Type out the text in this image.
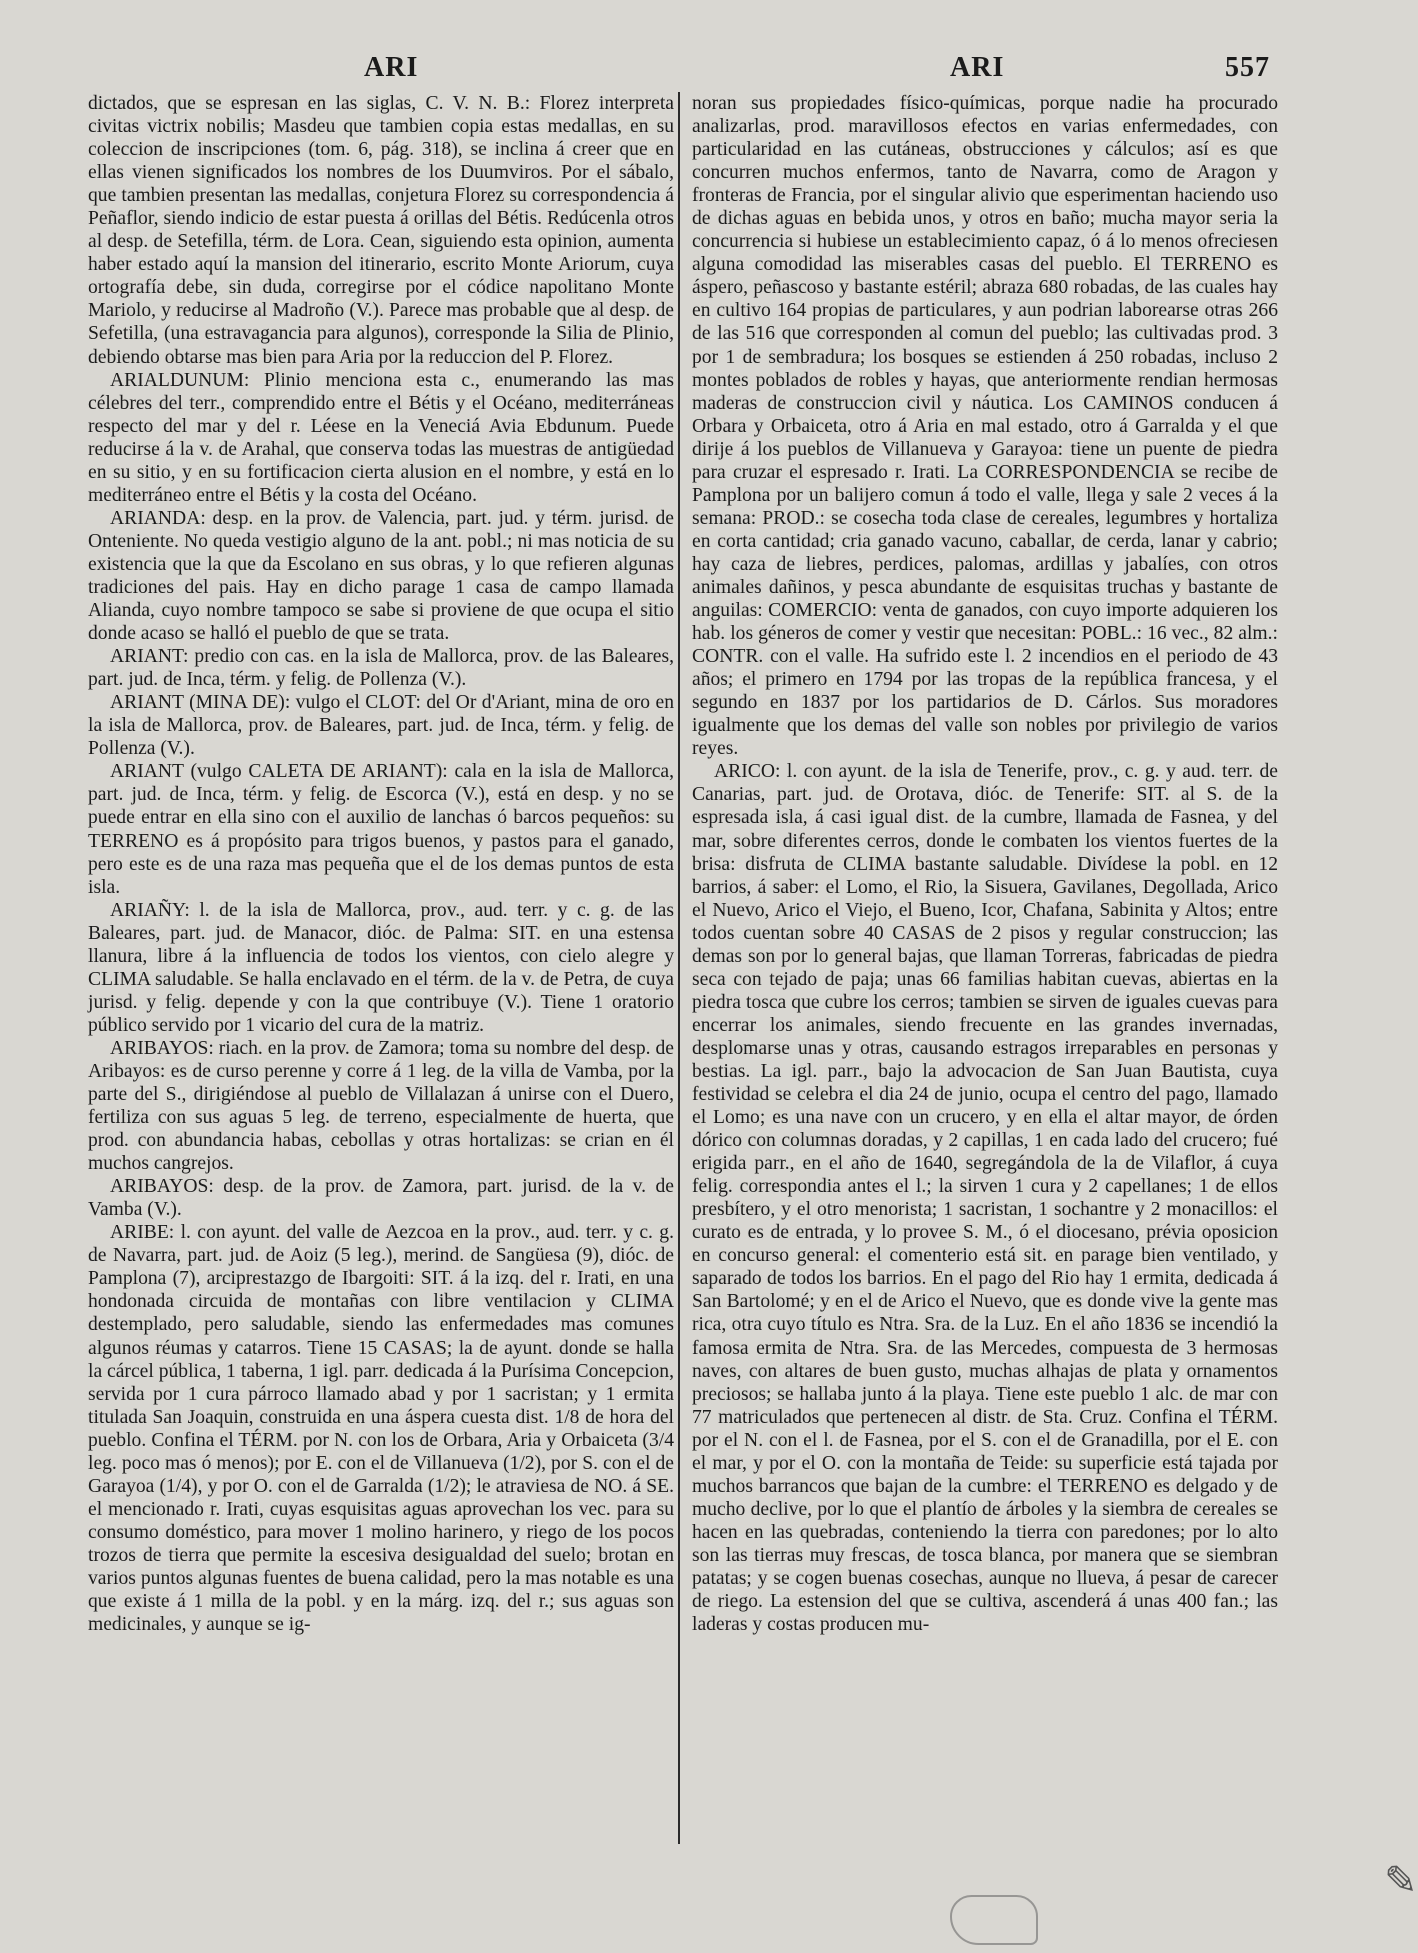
ARI	ARI	557

dictados, que se espresan en las siglas, C. V. N. B.: Florez interpreta civitas victrix nobilis; Masdeu que tambien copia estas medallas, en su coleccion de inscripciones (tom. 6, pág. 318), se inclina á creer que en ellas vienen significados los nombres de los Duumviros. Por el sábalo, que tambien presentan las medallas, conjetura Florez su correspondencia á Peñaflor, siendo indicio de estar puesta á orillas del Bétis. Redúcenla otros al desp. de Setefilla, térm. de Lora. Cean, siguiendo esta opinion, aumenta haber estado aquí la mansion del itinerario, escrito Monte Ariorum, cuya ortografía debe, sin duda, corregirse por el códice napolitano Monte Mariolo, y reducirse al Madroño (V.). Parece mas probable que al desp. de Sefetilla, (una estravagancia para algunos), corresponde la Silia de Plinio, debiendo obtarse mas bien para Aria por la reduccion del P. Florez.

ARIALDUNUM: Plinio menciona esta c., enumerando las mas célebres del terr., comprendido entre el Bétis y el Océano, mediterráneas respecto del mar y del r. Léese en la Veneciá Avia Ebdunum. Puede reducirse á la v. de Arahal, que conserva todas las muestras de antigüedad en su sitio, y en su fortificacion cierta alusion en el nombre, y está en lo mediterráneo entre el Bétis y la costa del Océano.

ARIANDA: desp. en la prov. de Valencia, part. jud. y térm. jurisd. de Onteniente. No queda vestigio alguno de la ant. pobl.; ni mas noticia de su existencia que la que da Escolano en sus obras, y lo que refieren algunas tradiciones del pais. Hay en dicho parage 1 casa de campo llamada Alianda, cuyo nombre tampoco se sabe si proviene de que ocupa el sitio donde acaso se halló el pueblo de que se trata.

ARIANT: predio con cas. en la isla de Mallorca, prov. de las Baleares, part. jud. de Inca, térm. y felig. de Pollenza (V.).

ARIANT (MINA DE): vulgo el CLOT: del Or d'Ariant, mina de oro en la isla de Mallorca, prov. de Baleares, part. jud. de Inca, térm. y felig. de Pollenza (V.).

ARIANT (vulgo CALETA DE ARIANT): cala en la isla de Mallorca, part. jud. de Inca, térm. y felig. de Escorca (V.), está en desp. y no se puede entrar en ella sino con el auxilio de lanchas ó barcos pequeños: su TERRENO es á propósito para trigos buenos, y pastos para el ganado, pero este es de una raza mas pequeña que el de los demas puntos de esta isla.

ARIAÑY: l. de la isla de Mallorca, prov., aud. terr. y c. g. de las Baleares, part. jud. de Manacor, dióc. de Palma: SIT. en una estensa llanura, libre á la influencia de todos los vientos, con cielo alegre y CLIMA saludable. Se halla enclavado en el térm. de la v. de Petra, de cuya jurisd. y felig. depende y con la que contribuye (V.). Tiene 1 oratorio público servido por 1 vicario del cura de la matriz.

ARIBAYOS: riach. en la prov. de Zamora; toma su nombre del desp. de Aribayos: es de curso perenne y corre á 1 leg. de la villa de Vamba, por la parte del S., dirigiéndose al pueblo de Villalazan á unirse con el Duero, fertiliza con sus aguas 5 leg. de terreno, especialmente de huerta, que prod. con abundancia habas, cebollas y otras hortalizas: se crian en él muchos cangrejos.

ARIBAYOS: desp. de la prov. de Zamora, part. jurisd. de la v. de Vamba (V.).

ARIBE: l. con ayunt. del valle de Aezcoa en la prov., aud. terr. y c. g. de Navarra, part. jud. de Aoiz (5 leg.), merind. de Sangüesa (9), dióc. de Pamplona (7), arciprestazgo de Ibargoiti: SIT. á la izq. del r. Irati, en una hondonada circuida de montañas con libre ventilacion y CLIMA destemplado, pero saludable, siendo las enfermedades mas comunes algunos réumas y catarros. Tiene 15 CASAS; la de ayunt. donde se halla la cárcel pública, 1 taberna, 1 igl. parr. dedicada á la Purísima Concepcion, servida por 1 cura párroco llamado abad y por 1 sacristan; y 1 ermita titulada San Joaquin, construida en una áspera cuesta dist. 1/8 de hora del pueblo. Confina el TÉRM. por N. con los de Orbara, Aria y Orbaiceta (3/4 leg. poco mas ó menos); por E. con el de Villanueva (1/2), por S. con el de Garayoa (1/4), y por O. con el de Garralda (1/2); le atraviesa de NO. á SE. el mencionado r. Irati, cuyas esquisitas aguas aprovechan los vec. para su consumo doméstico, para mover 1 molino harinero, y riego de los pocos trozos de tierra que permite la escesiva desigualdad del suelo; brotan en varios puntos algunas fuentes de buena calidad, pero la mas notable es una que existe á 1 milla de la pobl. y en la márg. izq. del r.; sus aguas son medicinales, y aunque se ig-

noran sus propiedades físico-químicas, porque nadie ha procurado analizarlas, prod. maravillosos efectos en varias enfermedades, con particularidad en las cutáneas, obstrucciones y cálculos; así es que concurren muchos enfermos, tanto de Navarra, como de Aragon y fronteras de Francia, por el singular alivio que esperimentan haciendo uso de dichas aguas en bebida unos, y otros en baño; mucha mayor seria la concurrencia si hubiese un establecimiento capaz, ó á lo menos ofreciesen alguna comodidad las miserables casas del pueblo. El TERRENO es áspero, peñascoso y bastante estéril; abraza 680 robadas, de las cuales hay en cultivo 164 propias de particulares, y aun podrian laborearse otras 266 de las 516 que corresponden al comun del pueblo; las cultivadas prod. 3 por 1 de sembradura; los bosques se estienden á 250 robadas, incluso 2 montes poblados de robles y hayas, que anteriormente rendian hermosas maderas de construccion civil y náutica. Los CAMINOS conducen á Orbara y Orbaiceta, otro á Aria en mal estado, otro á Garralda y el que dirije á los pueblos de Villanueva y Garayoa: tiene un puente de piedra para cruzar el espresado r. Irati. La CORRESPONDENCIA se recibe de Pamplona por un balijero comun á todo el valle, llega y sale 2 veces á la semana: PROD.: se cosecha toda clase de cereales, legumbres y hortaliza en corta cantidad; cria ganado vacuno, caballar, de cerda, lanar y cabrio; hay caza de liebres, perdices, palomas, ardillas y jabalíes, con otros animales dañinos, y pesca abundante de esquisitas truchas y bastante de anguilas: COMERCIO: venta de ganados, con cuyo importe adquieren los hab. los géneros de comer y vestir que necesitan: POBL.: 16 vec., 82 alm.: CONTR. con el valle. Ha sufrido este l. 2 incendios en el periodo de 43 años; el primero en 1794 por las tropas de la república francesa, y el segundo en 1837 por los partidarios de D. Cárlos. Sus moradores igualmente que los demas del valle son nobles por privilegio de varios reyes.

ARICO: l. con ayunt. de la isla de Tenerife, prov., c. g. y aud. terr. de Canarias, part. jud. de Orotava, dióc. de Tenerife: SIT. al S. de la espresada isla, á casi igual dist. de la cumbre, llamada de Fasnea, y del mar, sobre diferentes cerros, donde le combaten los vientos fuertes de la brisa: disfruta de CLIMA bastante saludable. Divídese la pobl. en 12 barrios, á saber: el Lomo, el Rio, la Sisuera, Gavilanes, Degollada, Arico el Nuevo, Arico el Viejo, el Bueno, Icor, Chafana, Sabinita y Altos; entre todos cuentan sobre 40 CASAS de 2 pisos y regular construccion; las demas son por lo general bajas, que llaman Torreras, fabricadas de piedra seca con tejado de paja; unas 66 familias habitan cuevas, abiertas en la piedra tosca que cubre los cerros; tambien se sirven de iguales cuevas para encerrar los animales, siendo frecuente en las grandes invernadas, desplomarse unas y otras, causando estragos irreparables en personas y bestias. La igl. parr., bajo la advocacion de San Juan Bautista, cuya festividad se celebra el dia 24 de junio, ocupa el centro del pago, llamado el Lomo; es una nave con un crucero, y en ella el altar mayor, de órden dórico con columnas doradas, y 2 capillas, 1 en cada lado del crucero; fué erigida parr., en el año de 1640, segregándola de la de Vilaflor, á cuya felig. correspondia antes el l.; la sirven 1 cura y 2 capellanes; 1 de ellos presbítero, y el otro menorista; 1 sacristan, 1 sochantre y 2 monacillos: el curato es de entrada, y lo provee S. M., ó el diocesano, prévia oposicion en concurso general: el comenterio está sit. en parage bien ventilado, y saparado de todos los barrios. En el pago del Rio hay 1 ermita, dedicada á San Bartolomé; y en el de Arico el Nuevo, que es donde vive la gente mas rica, otra cuyo título es Ntra. Sra. de la Luz. En el año 1836 se incendió la famosa ermita de Ntra. Sra. de las Mercedes, compuesta de 3 hermosas naves, con altares de buen gusto, muchas alhajas de plata y ornamentos preciosos; se hallaba junto á la playa. Tiene este pueblo 1 alc. de mar con 77 matriculados que pertenecen al distr. de Sta. Cruz. Confina el TÉRM. por el N. con el l. de Fasnea, por el S. con el de Granadilla, por el E. con el mar, y por el O. con la montaña de Teide: su superficie está tajada por muchos barrancos que bajan de la cumbre: el TERRENO es delgado y de mucho declive, por lo que el plantío de árboles y la siembra de cereales se hacen en las quebradas, conteniendo la tierra con paredones; por lo alto son las tierras muy frescas, de tosca blanca, por manera que se siembran patatas; y se cogen buenas cosechas, aunque no llueva, á pesar de carecer de riego. La estension del que se cultiva, ascenderá á unas 400 fan.; las laderas y costas producen mu-

✎
